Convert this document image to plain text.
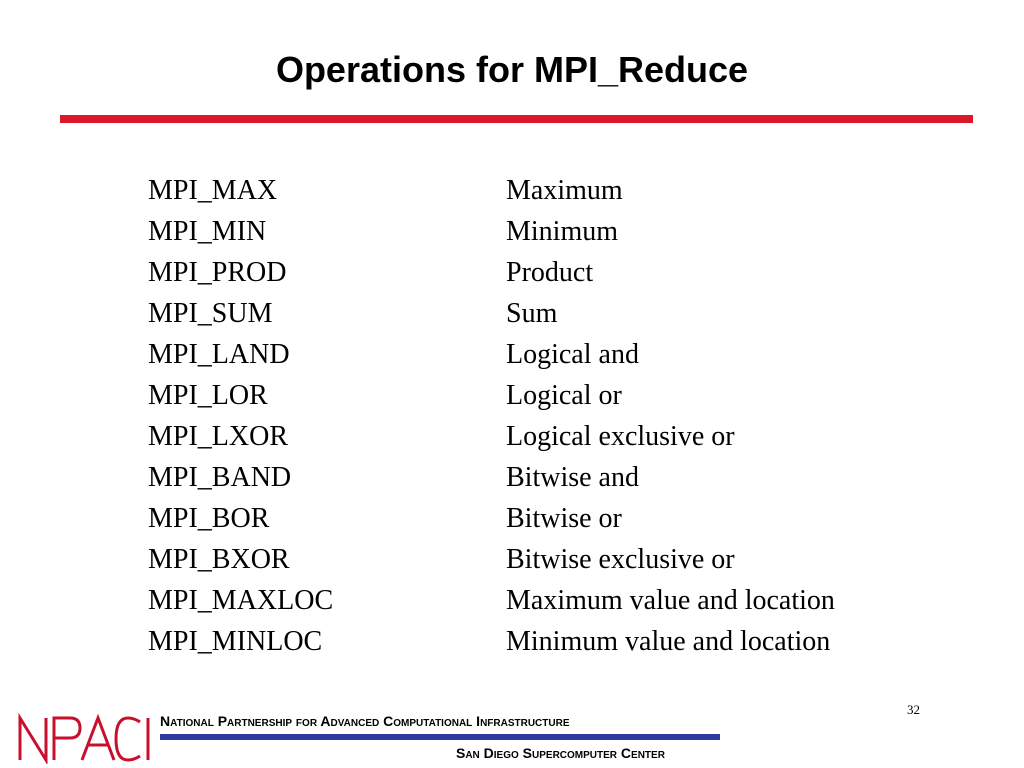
Operations for MPI_Reduce
MPI_MAX	Maximum
MPI_MIN	Minimum
MPI_PROD	Product
MPI_SUM	Sum
MPI_LAND	Logical and
MPI_LOR	Logical or
MPI_LXOR	Logical exclusive or
MPI_BAND	Bitwise and
MPI_BOR	Bitwise or
MPI_BXOR	Bitwise exclusive or
MPI_MAXLOC	Maximum value and location
MPI_MINLOC	Minimum value and location
32
National Partnership for Advanced Computational Infrastructure
San Diego Supercomputer Center
